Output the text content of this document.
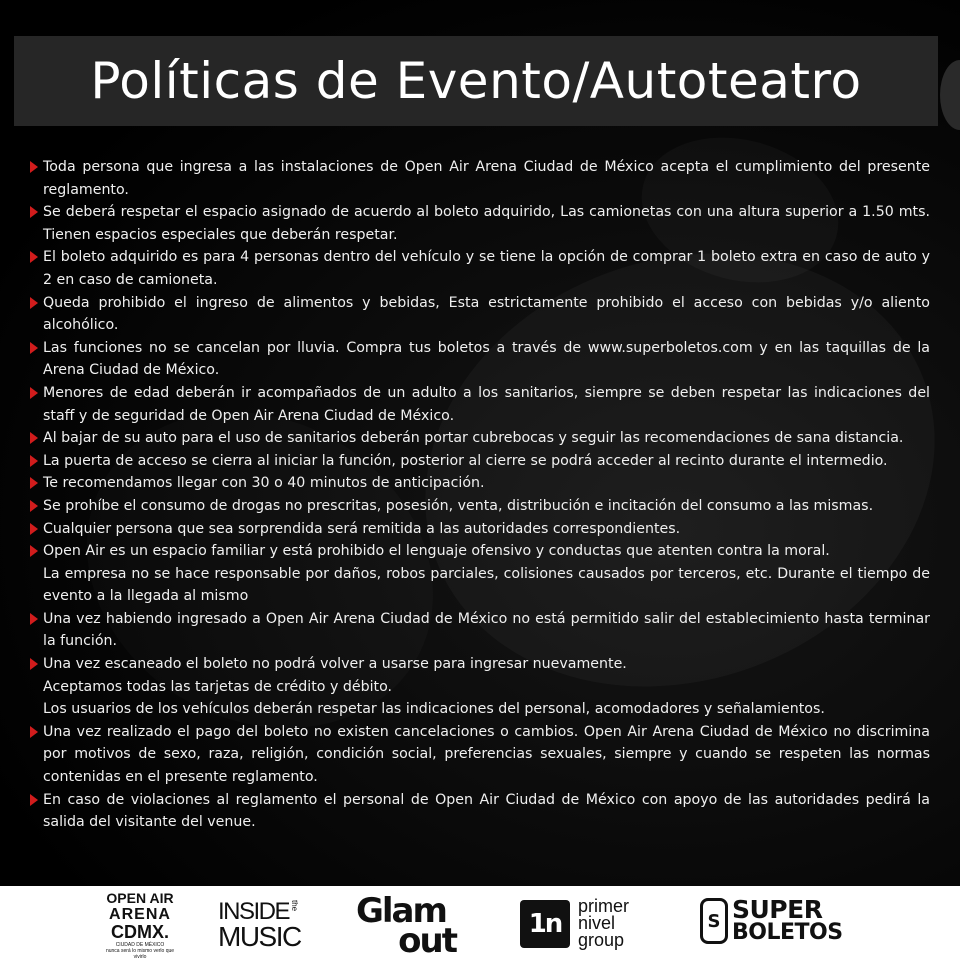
Políticas de Evento/Autoteatro
Toda persona que ingresa a las instalaciones de Open Air Arena Ciudad de México acepta el cumplimiento del presente reglamento.
Se deberá respetar el espacio asignado de acuerdo al boleto adquirido, Las camionetas con una altura superior a 1.50 mts. Tienen espacios especiales que deberán respetar.
El boleto adquirido es para 4 personas dentro del vehículo y se tiene la opción de comprar 1 boleto extra en caso de auto y 2 en caso de camioneta.
Queda prohibido el ingreso de alimentos y bebidas, Esta estrictamente prohibido el acceso con bebidas y/o aliento alcohólico.
Las funciones no se cancelan por lluvia. Compra tus boletos a través de www.superboletos.com y en las taquillas de la Arena Ciudad de México.
Menores de edad deberán ir acompañados de un adulto a los sanitarios, siempre se deben respetar las indicaciones del staff y de seguridad de Open Air Arena Ciudad de México.
Al bajar de su auto para el uso de sanitarios deberán portar cubrebocas y seguir las recomendaciones de sana distancia.
La puerta de acceso se cierra al iniciar la función, posterior al cierre se podrá acceder al recinto durante el intermedio.
Te recomendamos llegar con 30 o 40 minutos de anticipación.
Se prohíbe el consumo de drogas no prescritas, posesión, venta, distribución e incitación del consumo a las mismas.
Cualquier persona que sea sorprendida será remitida a las autoridades correspondientes.
Open Air es un espacio familiar y está prohibido el lenguaje ofensivo y conductas que atenten contra la moral.
La empresa no se hace responsable por daños, robos parciales, colisiones causados por terceros, etc. Durante el tiempo de evento a la llegada al mismo
Una vez habiendo ingresado a Open Air Arena Ciudad de México no está permitido salir del establecimiento hasta terminar la función.
Una vez escaneado el boleto no podrá volver a usarse para ingresar nuevamente.
Aceptamos todas las tarjetas de crédito y débito.
Los usuarios de los vehículos deberán respetar las indicaciones del personal, acomodadores y señalamientos.
Una vez realizado el pago del boleto no existen cancelaciones o cambios. Open Air Arena Ciudad de México no discrimina por motivos de sexo, raza, religión, condición social, preferencias sexuales, siempre y cuando se respeten las normas contenidas en el presente reglamento.
En caso de violaciones al reglamento el personal de Open Air Ciudad de México con apoyo de las autoridades pedirá la salida del visitante del venue.
OPEN AIR
ARENA
CDMX.
CIUDAD DE MÉXICO
nunca será lo mismo verlo que vivirlo
INSIDE the
MUSIC
Glam
out	1n
primer
nivel
group
S SUPER
BOLETOS
